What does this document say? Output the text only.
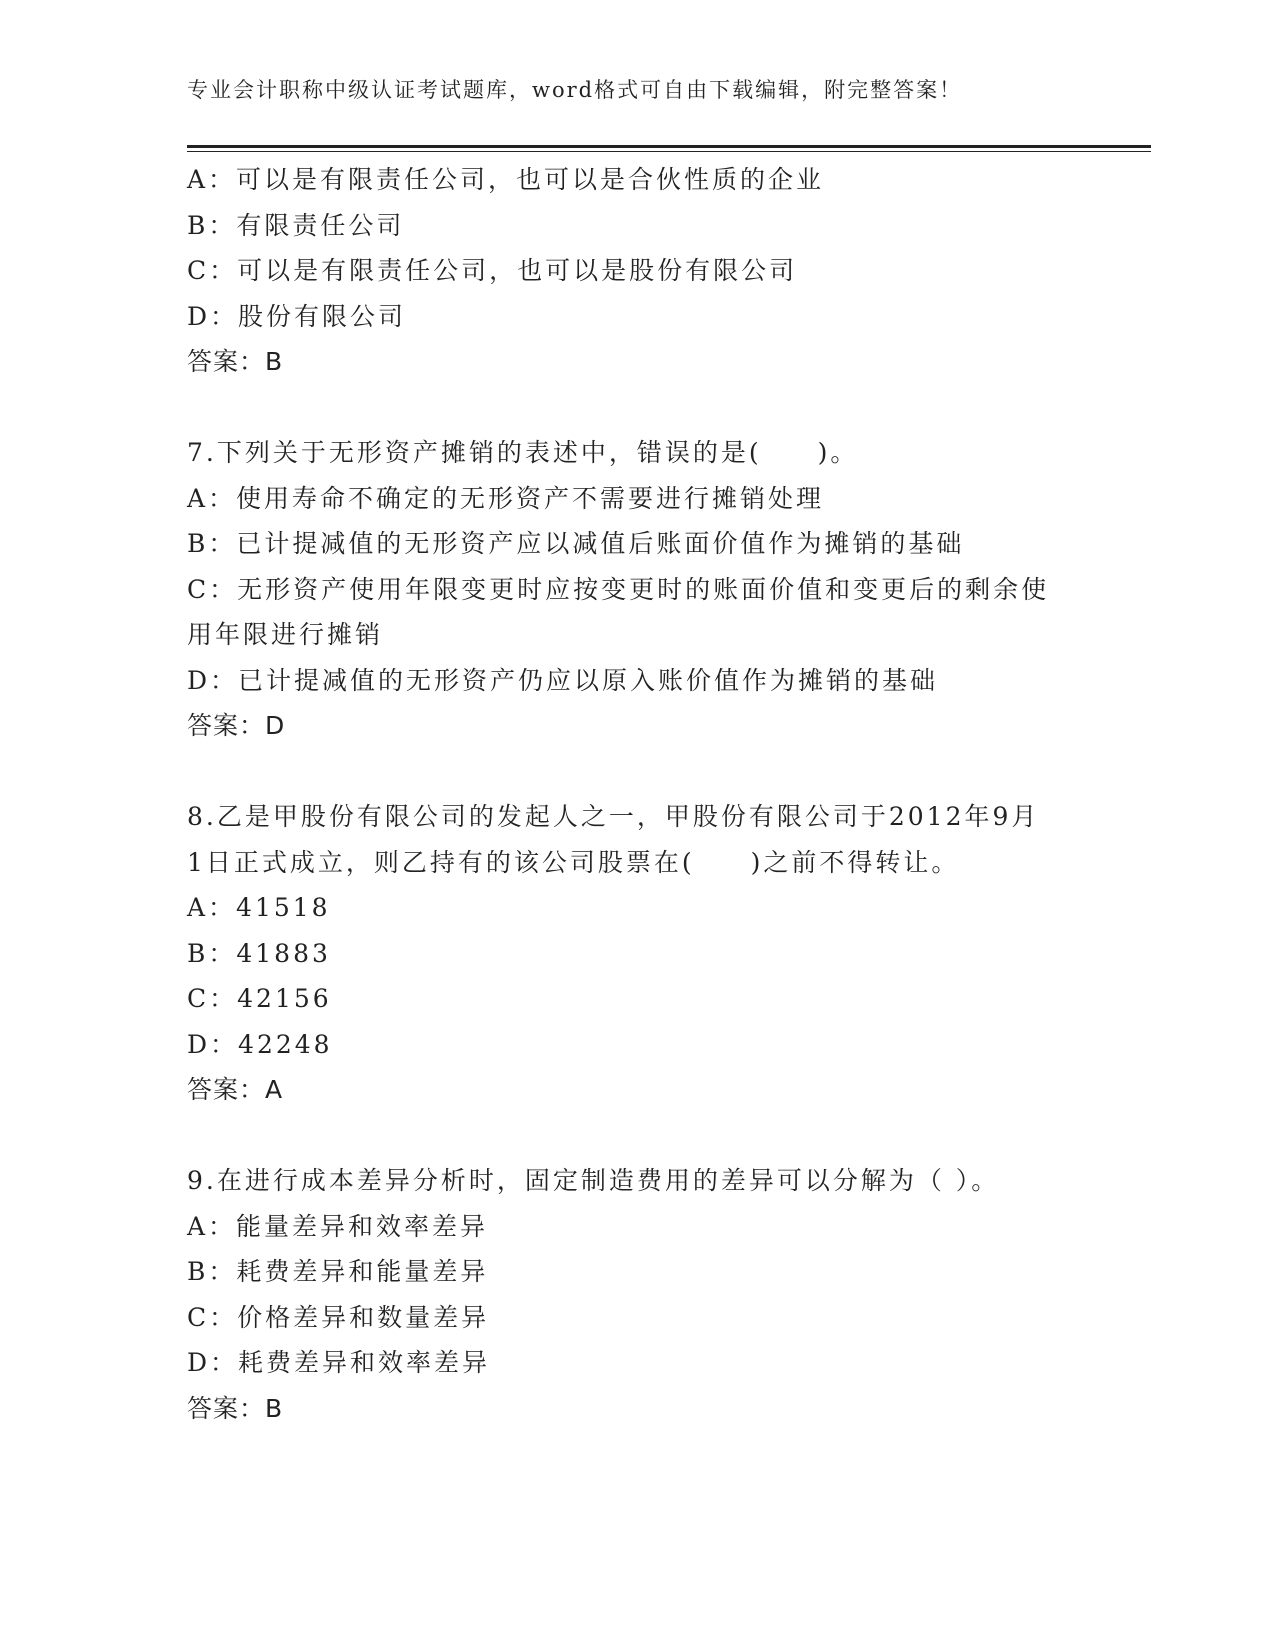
专业会计职称中级认证考试题库，word格式可自由下载编辑，附完整答案！
A：可以是有限责任公司，也可以是合伙性质的企业
B：有限责任公司
C：可以是有限责任公司，也可以是股份有限公司
D：股份有限公司
答案：B
7.下列关于无形资产摊销的表述中，错误的是(　　)。
A：使用寿命不确定的无形资产不需要进行摊销处理
B：已计提减值的无形资产应以减值后账面价值作为摊销的基础
C：无形资产使用年限变更时应按变更时的账面价值和变更后的剩余使
用年限进行摊销
D：已计提减值的无形资产仍应以原入账价值作为摊销的基础
答案：D
8.乙是甲股份有限公司的发起人之一，甲股份有限公司于2012年9月
1日正式成立，则乙持有的该公司股票在(　　)之前不得转让。
A：41518
B：41883
C：42156
D：42248
答案：A
9.在进行成本差异分析时，固定制造费用的差异可以分解为（ ）。
A：能量差异和效率差异
B：耗费差异和能量差异
C：价格差异和数量差异
D：耗费差异和效率差异
答案：B
